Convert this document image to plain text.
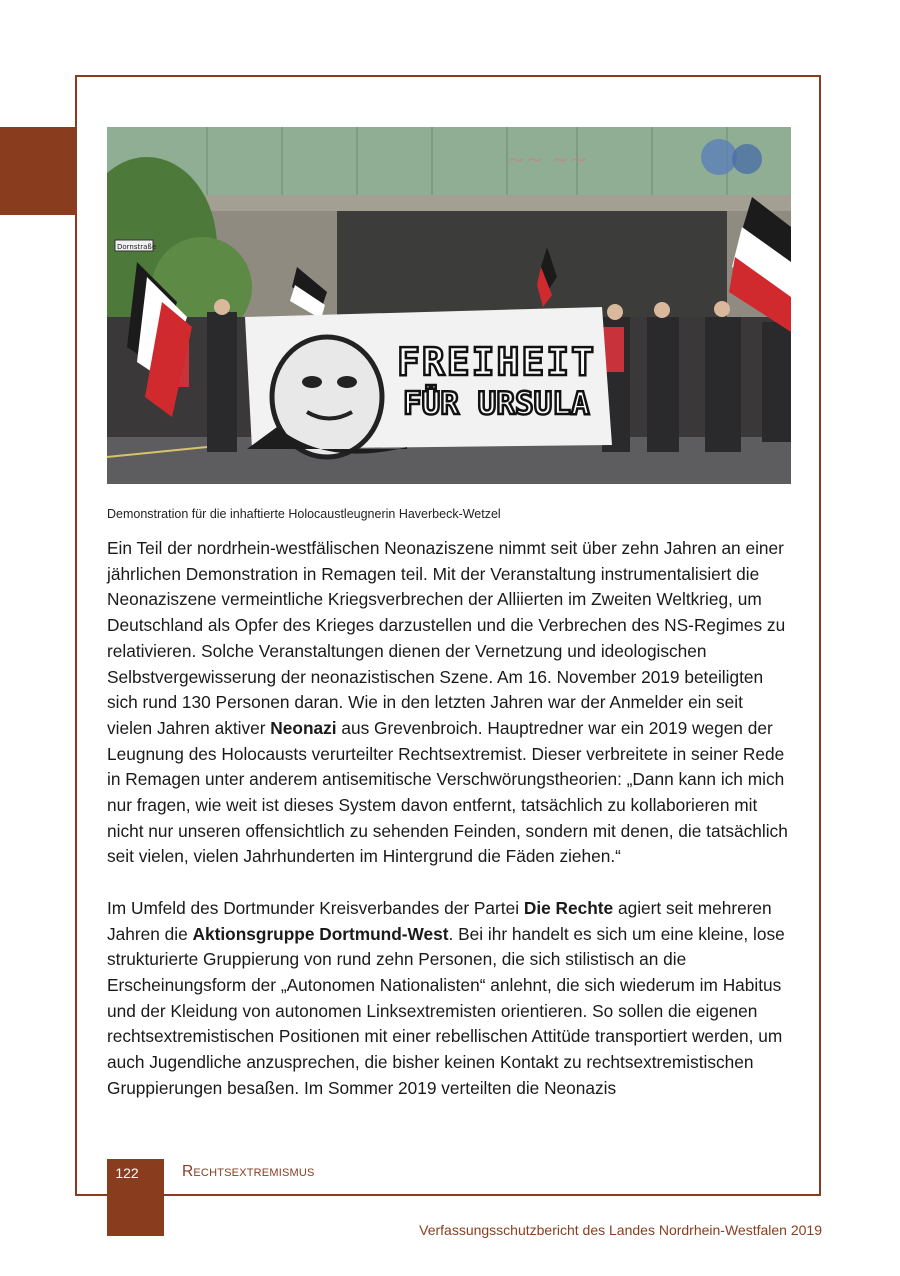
~~ ~~
FREIHEIT
FÜR URSULA
Dornstraße
Demonstration für die inhaftierte Holocaustleugnerin Haverbeck-Wetzel

Ein Teil der nordrhein-westfälischen Neonaziszene nimmt seit über zehn Jahren an einer jährlichen Demonstration in Remagen teil. Mit der Veranstaltung instrumentalisiert die Neonaziszene vermeintliche Kriegsverbrechen der Alliierten im Zweiten Weltkrieg, um Deutschland als Opfer des Krieges darzustellen und die Verbrechen des NS-Regimes zu relativieren. Solche Veranstaltungen dienen der Vernetzung und ideologischen Selbstvergewisserung der neonazistischen Szene. Am 16. November 2019 beteiligten sich rund 130 Personen daran. Wie in den letzten Jahren war der Anmelder ein seit vielen Jahren aktiver Neonazi aus Grevenbroich. Hauptredner war ein 2019 wegen der Leugnung des Holocausts verurteilter Rechtsextremist. Dieser verbreitete in seiner Rede in Remagen unter anderem antisemitische Verschwörungstheorien: „Dann kann ich mich nur fragen, wie weit ist dieses System davon entfernt, tatsächlich zu kollaborieren mit nicht nur unseren offensichtlich zu sehenden Feinden, sondern mit denen, die tatsächlich seit vielen, vielen Jahrhunderten im Hintergrund die Fäden ziehen.“

Im Umfeld des Dortmunder Kreisverbandes der Partei Die Rechte agiert seit mehreren Jahren die Aktionsgruppe Dortmund-West. Bei ihr handelt es sich um eine kleine, lose strukturierte Gruppierung von rund zehn Personen, die sich stilistisch an die Erscheinungsform der „Autonomen Nationalisten“ anlehnt, die sich wiederum im Habitus und der Kleidung von autonomen Linksextremisten orientieren. So sollen die eigenen rechtsextremistischen Positionen mit einer rebellischen Attitüde transportiert werden, um auch Jugendliche anzusprechen, die bisher keinen Kontakt zu rechtsextremistischen Gruppierungen besaßen. Im Sommer 2019 verteilten die Neonazis

122	Rechtsextremismus
Verfassungsschutzbericht des Landes Nordrhein-Westfalen 2019
